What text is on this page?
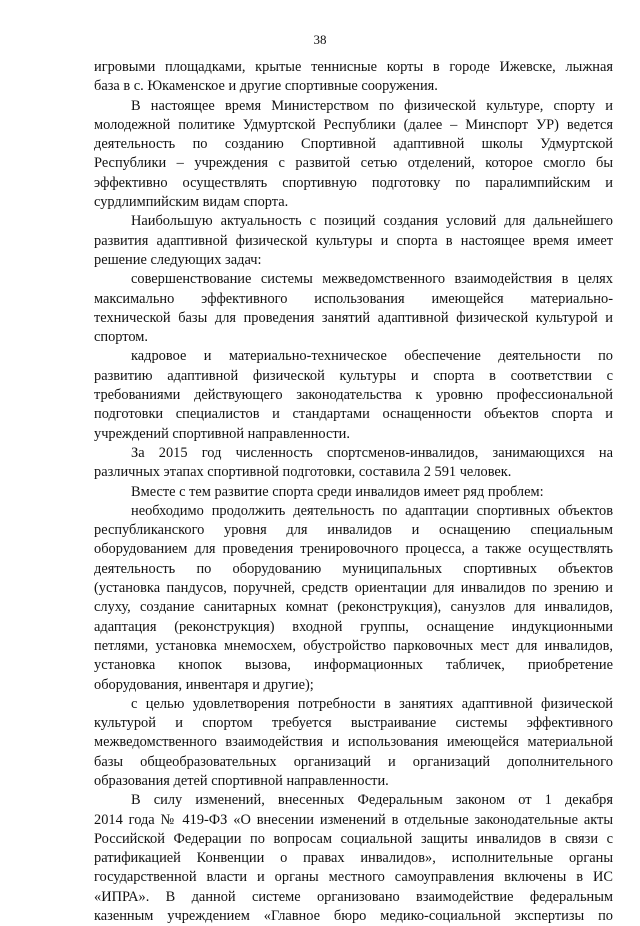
38
игровыми площадками, крытые теннисные корты в городе Ижевске, лыжная
база в с. Юкаменское и другие спортивные сооружения.
В настоящее время Министерством по физической культуре, спорту и
молодежной политике Удмуртской Республики (далее – Минспорт УР) ведется
деятельность по созданию Спортивной адаптивной школы Удмуртской
Республики – учреждения с развитой сетью отделений, которое смогло бы
эффективно осуществлять спортивную подготовку по паралимпийским и
сурдлимпийским видам спорта.
Наибольшую актуальность с позиций создания условий для дальнейшего
развития адаптивной физической культуры и спорта в настоящее время имеет
решение следующих задач:
совершенствование системы межведомственного взаимодействия в целях
максимально эффективного использования имеющейся материально-
технической базы для проведения занятий адаптивной физической культурой и
спортом.
кадровое и материально-техническое обеспечение деятельности по
развитию адаптивной физической культуры и спорта в соответствии с
требованиями действующего законодательства к уровню профессиональной
подготовки специалистов и стандартами оснащенности объектов спорта и
учреждений спортивной направленности.
За 2015 год численность спортсменов-инвалидов, занимающихся на
различных этапах спортивной подготовки, составила 2 591 человек.
Вместе с тем развитие спорта среди инвалидов имеет ряд проблем:
необходимо продолжить деятельность по адаптации спортивных объектов
республиканского уровня для инвалидов и оснащению специальным
оборудованием для проведения тренировочного процесса, а также осуществлять
деятельность по оборудованию муниципальных спортивных объектов
(установка пандусов, поручней, средств ориентации для инвалидов по зрению и
слуху, создание санитарных комнат (реконструкция), санузлов для инвалидов,
адаптация (реконструкция) входной группы, оснащение индукционными
петлями, установка мнемосхем, обустройство парковочных мест для инвалидов,
установка кнопок вызова, информационных табличек, приобретение
оборудования, инвентаря и другие);
с целью удовлетворения потребности в занятиях адаптивной физической
культурой и спортом требуется выстраивание системы эффективного
межведомственного взаимодействия и использования имеющейся материальной
базы общеобразовательных организаций и организаций дополнительного
образования детей спортивной направленности.
В силу изменений, внесенных Федеральным законом от 1 декабря
2014 года № 419-ФЗ «О внесении изменений в отдельные законодательные акты
Российской Федерации по вопросам социальной защиты инвалидов в связи с
ратификацией Конвенции о правах инвалидов», исполнительные органы
государственной власти и органы местного самоуправления включены в ИС
«ИПРА». В данной системе организовано взаимодействие федеральным
казенным учреждением «Главное бюро медико-социальной экспертизы по
